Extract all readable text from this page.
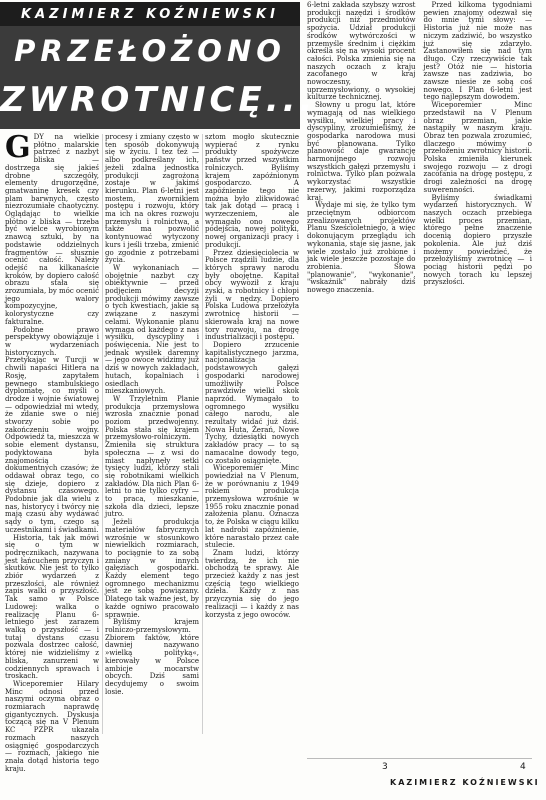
KAZIMIERZ KOŹNIEWSKI
PRZEŁOŻONO
ZWROTNICĘ...
G DY na wielkie płótno malarskie patrzeć z nazbyt bliska — dostrzega się jakieś drobne szczegóły, elementy drugorzędne, gmatwaninę kresek czy plam barwnych, często niezrozumiałe chaotyczny. Oglądając to wielkie płótno z bliska — trzeba być wielce wyrobionym znawcą sztuki, by na podstawie oddzielnych fragmentów — słusznie ocenić całość. Należy odejść na kilkanaście kroków, by dopiero całość obrazu stała się zrozumiała, by móc ocenić jego walory kompozycyjne, kolorystyczne czy fakturalne.

Podobne prawo perspektywy obowiązuje i w wydarzeniach historycznych. Przetykając w Turcji w chwili napaści Hitlera na Rosję, zapytałem pewnego stambulskiego dyplomatę, co myśli o drodze i wojnie światowej — odpowiedział mi wtedy, że zdanie swe o niej stworzy sobie po zakończeniu wojny. Odpowiedź ta, mieszcza w sobie element dystansu, podyktowana była znajomością dokumentnych czasów; że oddawał obraz tego, co się dzieje, dopiero z dystansu czasowego. Podobnie jak dla wielu z nas, historycy i twórcy nie mają czasu aby wydawać sądy o tym, czego są uczestnikami i świadkami.

Historia, tak jak mówi się o tym w podręcznikach, nazywana jest łańcuchem przyczyn i skutków. Nie jest to tylko zbiór wydarzeń z przeszłości, ale również zapis walki o przyszłość. Tak samo w Polsce Ludowej: walka o realizację Planu 6-letniego jest zarazem walką o przyszłość — i tutaj dystans czasu pozwala dostrzec całość, której nie widzieliśmy z bliska, zanurzeni w codziennych sprawach i troskach.

Wiceporemier Hilary Minc odnosi przed naszymi oczyma obraz o rozmiarach naprawdę gigantycznych. Dyskusja toczącą się na V Plenum KC PZPR ukazała rozmach naszych osiągnięć gospodarczych — rozmach, jakiego nie znała dotąd historia tego kraju.

procesy i zmiany często w ten sposób dokonywują się w życiu. I tez też — albo podkreślany ich, jeżeli zdalna jednostka produkcji zagrożona zostaje w jakimś kierunku. Plan 6-letni jest mostem, zwornikiem postępu i rozwoju, który ma ich na okres rozwoju przemysłu i rolnictwa, a także ma pozwolić kontynuować wytyczony kurs i jeśli trzeba, zmienić go zgodnie z potrzebami życia.

W wykonaniach — obojętnie nazbyt czy obiektywnie — przed podjęciem decyzji produkcji mówimy zawsze o tych kwestiach, jakie są związane z naszymi celami. Wykonanie planu wymaga od każdego z nas wysiłku, dyscypliny i poświęcenia. Nie jest to jednak wysiłek daremny — jego owoce widzimy już dziś w nowych zakładach, hutach, kopalniach i osiedlach mieszkaniowych.

W Trzyletnim Planie produkcja przemysłowa wzrosła znacznie ponad poziom przedwojenny. Polska stała się krajem przemysłowo-rolniczym. Zmieniła się struktura społeczna — z wsi do miast napłynęły setki tysięcy ludzi, którzy stali się robotnikami wielkich zakładów. Dla nich Plan 6-letni to nie tylko cyfry — to praca, mieszkanie, szkoła dla dzieci, lepsze jutro.

Jeżeli produkcja materiałów fabrycznych wzrośnie w stosunkowo niewielkich rozmiarach, to pociągnie to za sobą zmiany w innych gałęziach gospodarki. Każdy element tego ogromnego mechanizmu jest ze sobą powiązany. Dlatego tak ważne jest, by każde ogniwo pracowało sprawnie.

Byliśmy krajem rolniczo-przemysłowym. Zbiorem faktów, które dawniej nazywano »wielką polityką«, kierowały w Polsce ambicje mocarstw obcych. Dziś sami decydujemy o swoim losie.

sztom mogło skutecznie wypierać z rynku produkty spożywcze państw przed wszystkim rolniczych. Byliśmy krajem zapóźnionym gospodarczo. A zapóźnienie tego nie można było zlikwidować tak jak dotąd — pracą i wyrzeczeniem, ale wymagało ono nowego podejścia, nowej polityki, nowej organizacji pracy i produkcji.

Przez dziesięciolecia w Polsce rządzili ludzie, dla których sprawy narodu były obojętne. Kapitał obcy wywoził z kraju zyski, a robotnicy i chłopi żyli w nędzy. Dopiero Polska Ludowa przełożyła zwrotnicę historii — skierowała kraj na nowe tory rozwoju, na drogę industrializacji i postępu.

Dopiero zrzucenie kapitalistycznego jarzma, nacjonalizacja podstawowych gałęzi gospodarki narodowej umożliwiły Polsce prawdziwie wielki skok naprzód. Wymagało to ogromnego wysiłku całego narodu, ale rezultaty widać już dziś. Nowa Huta, Żerań, Nowe Tychy, dziesiątki nowych zakładów pracy — to są namacalne dowody tego, co zostało osiągnięte.

Wiceporemier Minc powiedział na V Plenum, że w porównaniu z 1949 rokiem produkcja przemysłowa wzrośnie w 1955 roku znacznie ponad założenia planu. Oznacza to, że Polska w ciągu kilku lat nadrobi zapóźnienie, które narastało przez całe stulecie.

Znam ludzi, którzy twierdzą, że ich nie obchodzą te sprawy. Ale przecież każdy z nas jest częścią tego wielkiego dzieła. Każdy z nas przyczynia się do jego realizacji — i każdy z nas korzysta z jego owoców.

6-letni zakłada szybszy wzrost produkcji nazędzi i środków produkcji niż przedmiotów spożycia. Udział produkcji środków wytwórczości w przemyśle średnim i ciężkim określa się na wysoki procent całości. Polska zmienia się na naszych oczach z kraju zacofanego w kraj nowoczesny, uprzemysłowiony, o wysokiej kulturze technicznej.

Słowny u progu lat, które wymagają od nas wielkiego wysiłku, wielkiej pracy i dyscypliny, zrozumieliśmy, że gospodarka narodowa musi być planowana. Tylko planowość daje gwarancję harmonijnego rozwoju wszystkich gałęzi przemysłu i rolnictwa. Tylko plan pozwala wykorzystać wszystkie rezerwy, jakimi rozporządza kraj.

Wydaje mi się, że tylko tym przeciętnym odbiorcom zrealizowanych projektów Planu Sześcioletniego, a więc dokonującym przeglądu ich wykonania, staje się jasne, jak wiele zostało już zrobione i jak wiele jeszcze pozostaje do zrobienia. Słowa "planowanie", "wykonanie", "wskaźnik" nabrały dziś nowego znaczenia.

Przed kilkoma tygodniami pewien znajomy odezwał się do mnie tymi słowy: — Historia już nie może nas niczym zadziwić, bo wszystko już się zdarzyło. Zastanowiłem się nad tym długo. Czy rzeczywiście tak jest? Otóż nie — historia zawsze nas zadziwia, bo zawsze niesie ze sobą coś nowego. I Plan 6-letni jest tego najlepszym dowodem.

Wiceporemier Minc przedstawił na V Plenum obraz przemian, jakie nastąpiły w naszym kraju. Obraz ten pozwala zrozumieć, dlaczego mówimy o przełożeniu zwrotnicy historii. Polska zmieniła kierunek swojego rozwoju — z drogi zacofania na drogę postępu, z drogi zależności na drogę suwerenności.

Byliśmy świadkami wydarzeń historycznych. W naszych oczach przebiega wielki proces przemian, którego pełne znaczenie docenią dopiero przyszłe pokolenia. Ale już dziś możemy powiedzieć, że przełożyliśmy zwrotnicę — i pociąg historii pędzi po nowych torach ku lepszej przyszłości.

3	4
KAZIMIERZ KOŹNIEWSKI
